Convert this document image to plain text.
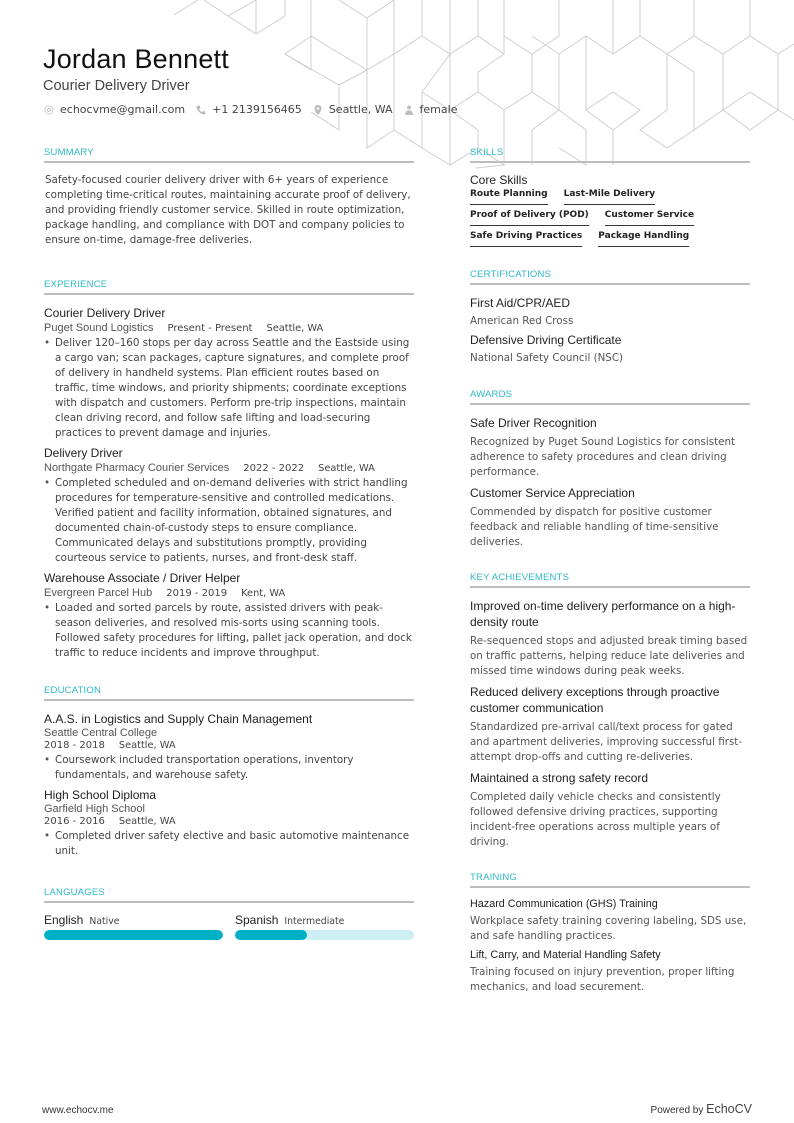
Jordan Bennett
Courier Delivery Driver
echocvme@gmail.com +1 2139156465 Seattle, WA female
SUMMARY
Safety-focused courier delivery driver with 6+ years of experience completing time-critical routes, maintaining accurate proof of delivery, and providing friendly customer service. Skilled in route optimization, package handling, and compliance with DOT and company policies to ensure on-time, damage-free deliveries.
EXPERIENCE
Courier Delivery Driver
Puget Sound Logistics Present - Present Seattle, WA
• Deliver 120–160 stops per day across Seattle and the Eastside using a cargo van; scan packages, capture signatures, and complete proof of delivery in handheld systems. Plan efficient routes based on traffic, time windows, and priority shipments; coordinate exceptions with dispatch and customers. Perform pre-trip inspections, maintain clean driving record, and follow safe lifting and load-securing practices to prevent damage and injuries.
Delivery Driver
Northgate Pharmacy Courier Services 2022 - 2022 Seattle, WA
• Completed scheduled and on-demand deliveries with strict handling procedures for temperature-sensitive and controlled medications. Verified patient and facility information, obtained signatures, and documented chain-of-custody steps to ensure compliance. Communicated delays and substitutions promptly, providing courteous service to patients, nurses, and front-desk staff.
Warehouse Associate / Driver Helper
Evergreen Parcel Hub 2019 - 2019 Kent, WA
• Loaded and sorted parcels by route, assisted drivers with peak-season deliveries, and resolved mis-sorts using scanning tools. Followed safety procedures for lifting, pallet jack operation, and dock traffic to reduce incidents and improve throughput.
EDUCATION
A.A.S. in Logistics and Supply Chain Management
Seattle Central College
2018 - 2018 Seattle, WA
• Coursework included transportation operations, inventory fundamentals, and warehouse safety.
High School Diploma
Garfield High School
2016 - 2016 Seattle, WA
• Completed driver safety elective and basic automotive maintenance unit.
LANGUAGES
English Native	Spanish Intermediate
SKILLS
Core Skills
Route Planning Last-Mile Delivery
Proof of Delivery (POD) Customer Service
Safe Driving Practices Package Handling
CERTIFICATIONS
First Aid/CPR/AED
American Red Cross
Defensive Driving Certificate
National Safety Council (NSC)
AWARDS
Safe Driver Recognition
Recognized by Puget Sound Logistics for consistent adherence to safety procedures and clean driving performance.
Customer Service Appreciation
Commended by dispatch for positive customer feedback and reliable handling of time-sensitive deliveries.
KEY ACHIEVEMENTS
Improved on-time delivery performance on a high-density route
Re-sequenced stops and adjusted break timing based on traffic patterns, helping reduce late deliveries and missed time windows during peak weeks.
Reduced delivery exceptions through proactive customer communication
Standardized pre-arrival call/text process for gated and apartment deliveries, improving successful first-attempt drop-offs and cutting re-deliveries.
Maintained a strong safety record
Completed daily vehicle checks and consistently followed defensive driving practices, supporting incident-free operations across multiple years of driving.
TRAINING
Hazard Communication (GHS) Training
Workplace safety training covering labeling, SDS use, and safe handling practices.
Lift, Carry, and Material Handling Safety
Training focused on injury prevention, proper lifting mechanics, and load securement.
www.echocv.me	Powered by EchoCV
